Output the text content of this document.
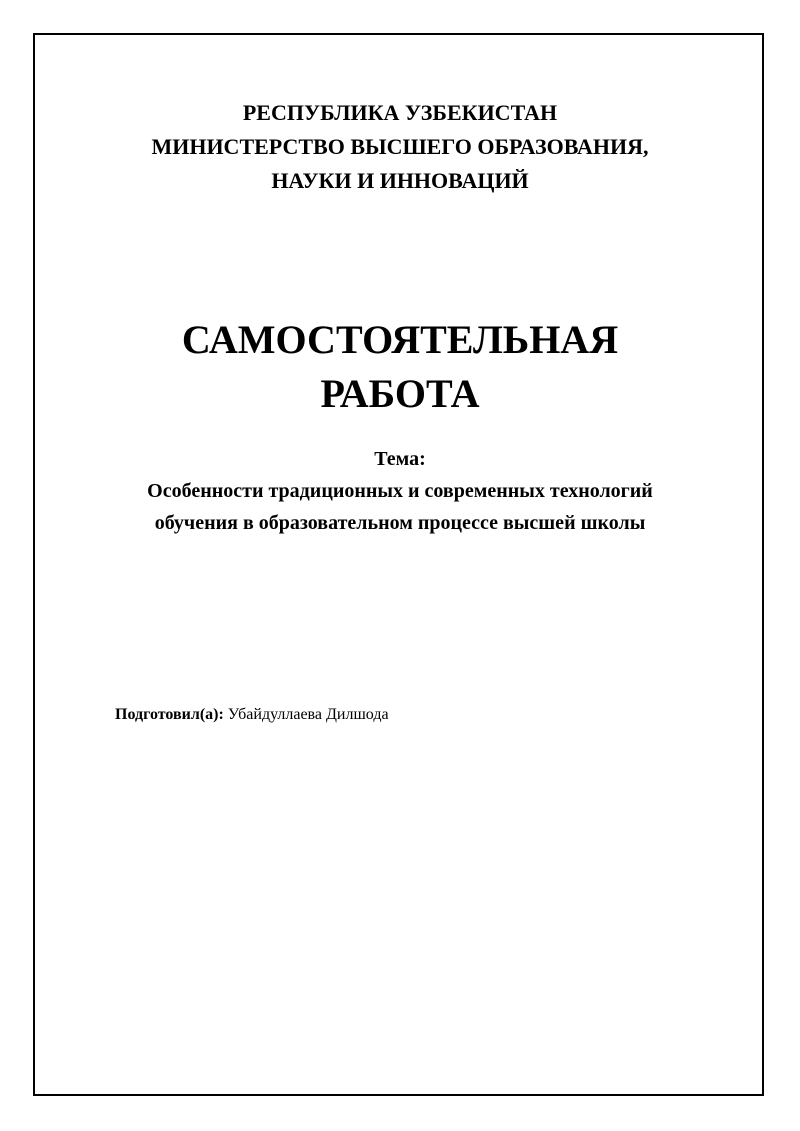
РЕСПУБЛИКА УЗБЕКИСТАН
МИНИСТЕРСТВО ВЫСШЕГО ОБРАЗОВАНИЯ,
НАУКИ И ИННОВАЦИЙ
САМОСТОЯТЕЛЬНАЯ
РАБОТА
Тема:
Особенности традиционных и современных технологий
обучения в образовательном процессе высшей школы
Подготовил(а): Убайдуллаева Дилшода
